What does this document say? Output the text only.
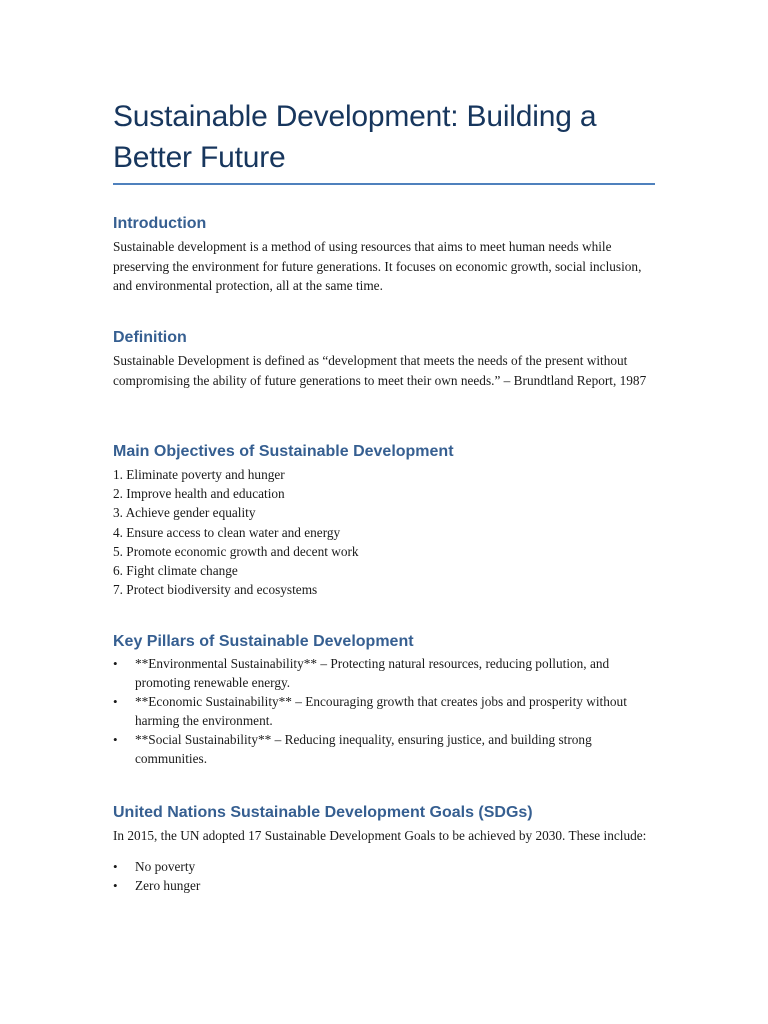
Sustainable Development: Building a Better Future
Introduction

Sustainable development is a method of using resources that aims to meet human needs while preserving the environment for future generations. It focuses on economic growth, social inclusion, and environmental protection, all at the same time.

Definition

Sustainable Development is defined as “development that meets the needs of the present without compromising the ability of future generations to meet their own needs.” – Brundtland Report, 1987

Main Objectives of Sustainable Development
1. Eliminate poverty and hunger
2. Improve health and education
3. Achieve gender equality
4. Ensure access to clean water and energy
5. Promote economic growth and decent work
6. Fight climate change
7. Protect biodiversity and ecosystems
Key Pillars of Sustainable Development
• **Environmental Sustainability** – Protecting natural resources, reducing pollution, and promoting renewable energy.
• **Economic Sustainability** – Encouraging growth that creates jobs and prosperity without harming the environment.
• **Social Sustainability** – Reducing inequality, ensuring justice, and building strong communities.
United Nations Sustainable Development Goals (SDGs)

In 2015, the UN adopted 17 Sustainable Development Goals to be achieved by 2030. These include:

• No poverty
• Zero hunger
